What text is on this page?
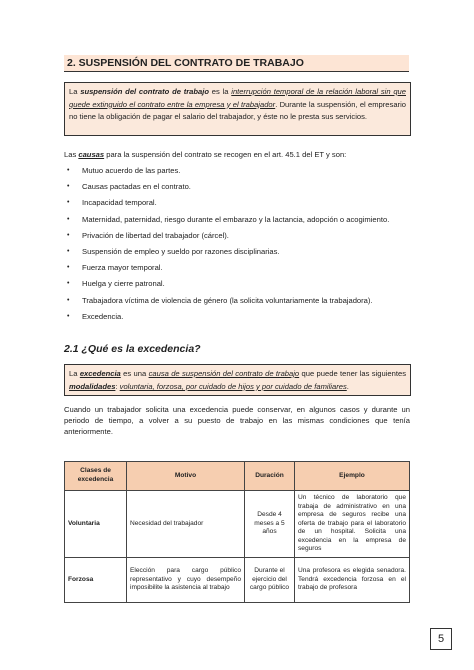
2. SUSPENSIÓN DEL CONTRATO DE TRABAJO
La suspensión del contrato de trabajo es la interrupción temporal de la relación laboral sin que quede extinguido el contrato entre la empresa y el trabajador. Durante la suspensión, el empresario no tiene la obligación de pagar el salario del trabajador, y éste no le presta sus servicios.
Las causas para la suspensión del contrato se recogen en el art. 45.1 del ET y son:
• Mutuo acuerdo de las partes.
• Causas pactadas en el contrato.
• Incapacidad temporal.
• Maternidad, paternidad, riesgo durante el embarazo y la lactancia, adopción o acogimiento.
• Privación de libertad del trabajador (cárcel).
• Suspensión de empleo y sueldo por razones disciplinarias.
• Fuerza mayor temporal.
• Huelga y cierre patronal.
• Trabajadora víctima de violencia de género (la solicita voluntariamente la trabajadora).
• Excedencia.
2.1 ¿Qué es la excedencia?
La excedencia es una causa de suspensión del contrato de trabajo que puede tener las siguientes modalidades: voluntaria, forzosa, por cuidado de hijos y por cuidado de familiares.
Cuando un trabajador solicita una excedencia puede conservar, en algunos casos y durante un periodo de tiempo, a volver a su puesto de trabajo en las mismas condiciones que tenía anteriormente.
Clases de excedencia	Motivo	Duración	Ejemplo
Voluntaria	Necesidad del trabajador	Desde 4 meses a 5 años	Un técnico de laboratorio que trabaja de administrativo en una empresa de seguros recibe una oferta de trabajo para el laboratorio de un hospital. Solicita una excedencia en la empresa de seguros
Forzosa	Elección para cargo público representativo y cuyo desempeño imposibilite la asistencia al trabajo	Durante el ejercicio del cargo público	Una profesora es elegida senadora. Tendrá excedencia forzosa en el trabajo de profesora
5
